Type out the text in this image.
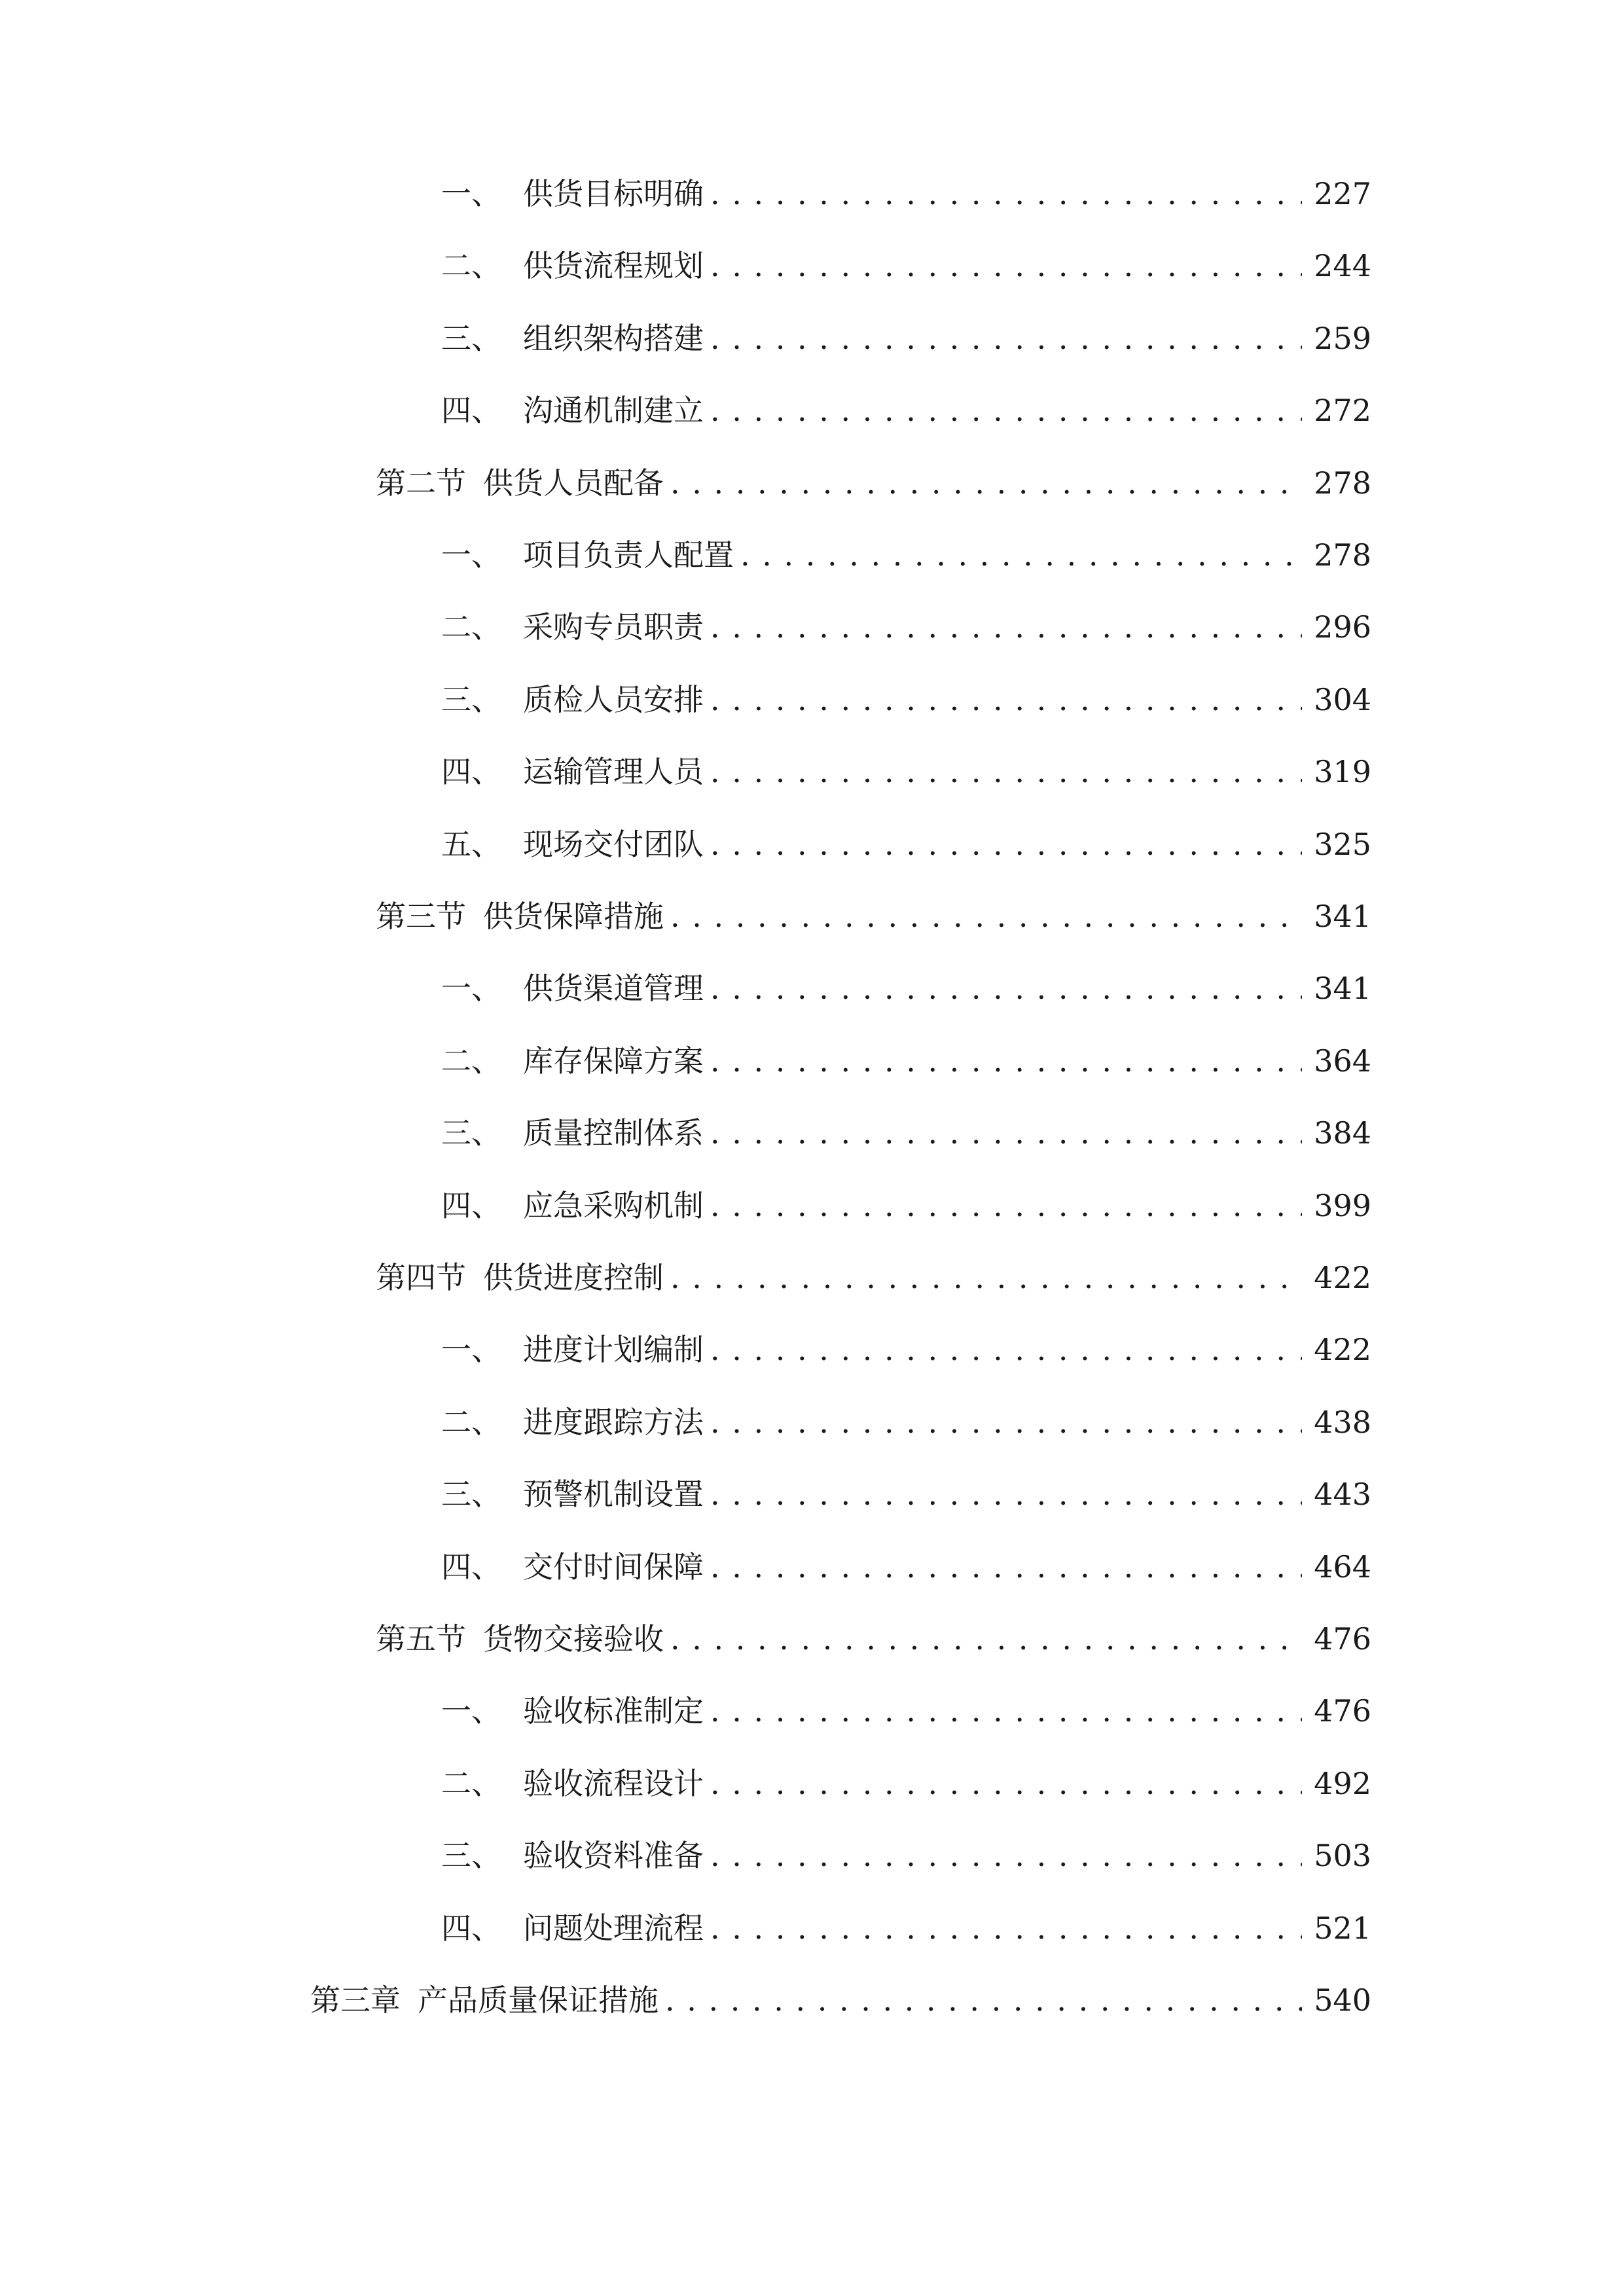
一、 供货目标明确 . . .	227
二、 供货流程规划 . . .	244
三、 组织架构搭建 . . .	259
四、 沟通机制建立 . . .	272
第二节 供货人员配备 . . .	278
一、 项目负责人配置 . . .	278
二、 采购专员职责 . . .	296
三、 质检人员安排 . . .	304
四、 运输管理人员 . . .	319
五、 现场交付团队 . . .	325
第三节 供货保障措施 . . .	341
一、 供货渠道管理 . . .	341
二、 库存保障方案 . . .	364
三、 质量控制体系 . . .	384
四、 应急采购机制 . . .	399
第四节 供货进度控制 . . .	422
一、 进度计划编制 . . .	422
二、 进度跟踪方法 . . .	438
三、 预警机制设置 . . .	443
四、 交付时间保障 . . .	464
第五节 货物交接验收 . . .	476
一、 验收标准制定 . . .	476
二、 验收流程设计 . . .	492
三、 验收资料准备 . . .	503
四、 问题处理流程 . . .	521
第三章 产品质量保证措施 . . .	540
